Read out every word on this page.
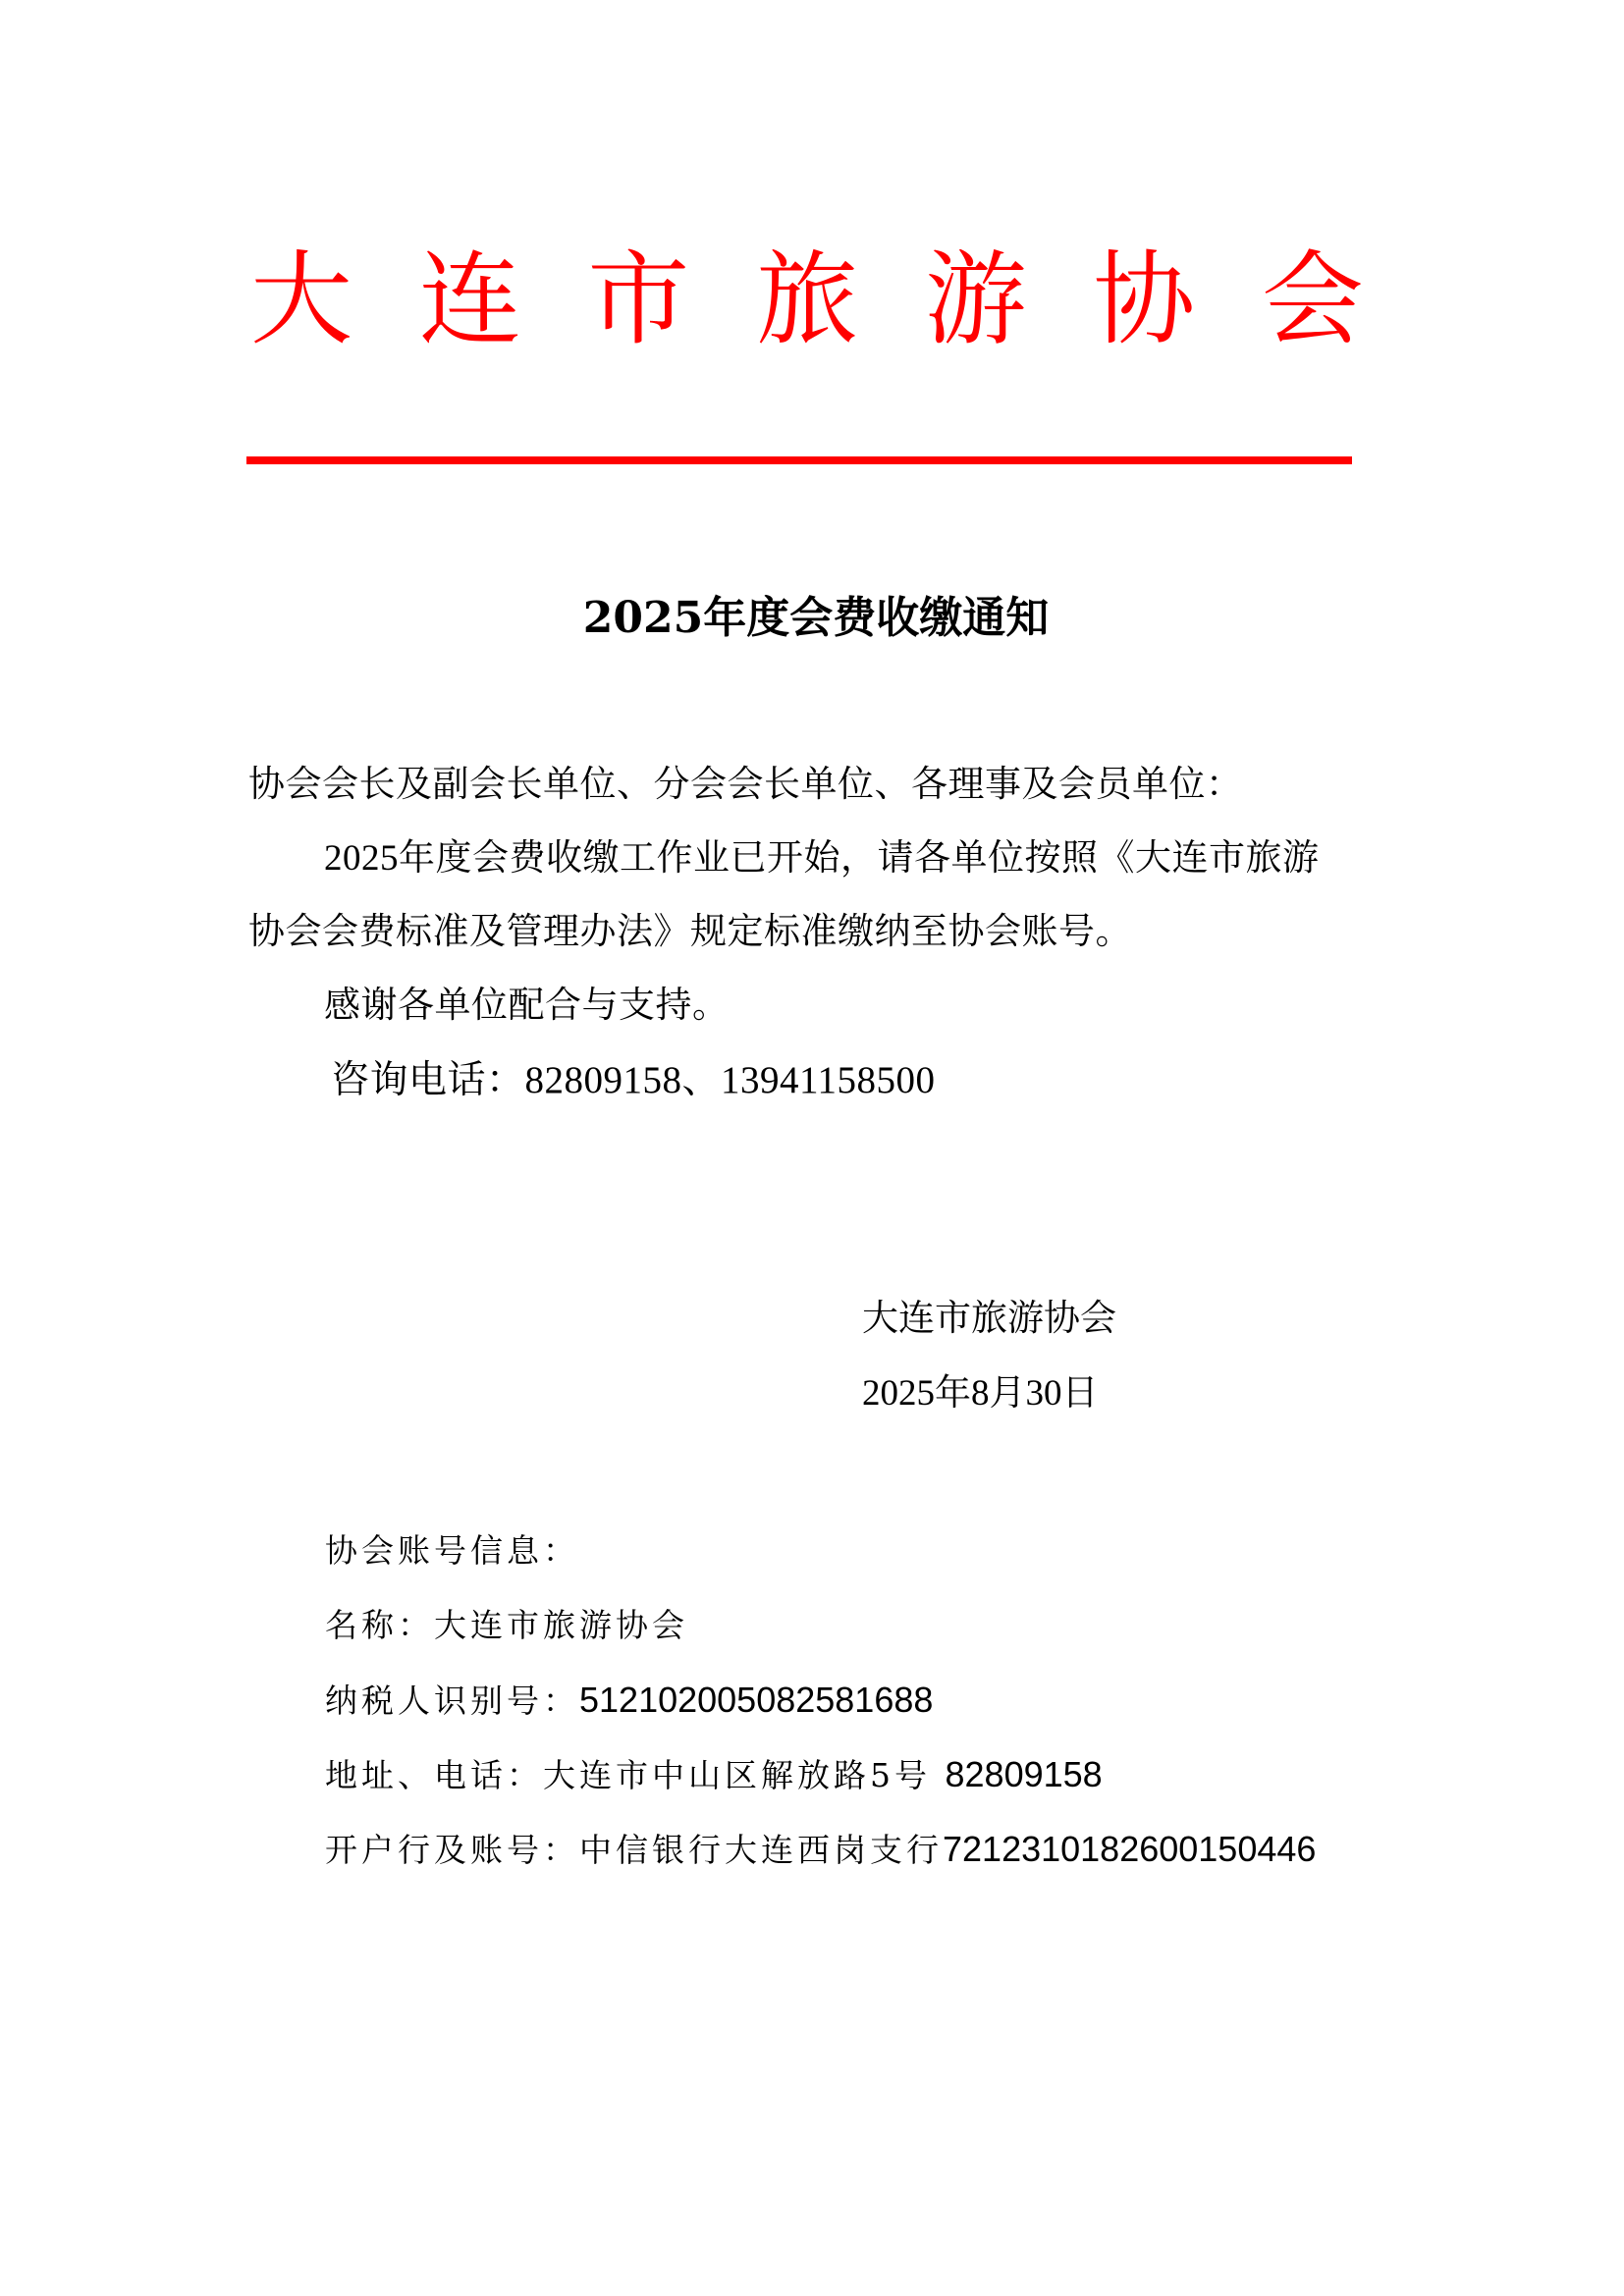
大 连 市 旅 游 协 会
2025年度会费收缴通知
协会会长及副会长单位、分会会长单位、各理事及会员单位：
2025年度会费收缴工作业已开始，请各单位按照《大连市旅游
协会会费标准及管理办法》规定标准缴纳至协会账号。
感谢各单位配合与支持。
咨询电话：82809158、13941158500
大连市旅游协会
2025年8月30日
协会账号信息：
名称：大连市旅游协会
纳税人识别号：512102005082581688
地址、电话：大连市中山区解放路5号 82809158
开户行及账号：中信银行大连西岗支行7212310182600150446
